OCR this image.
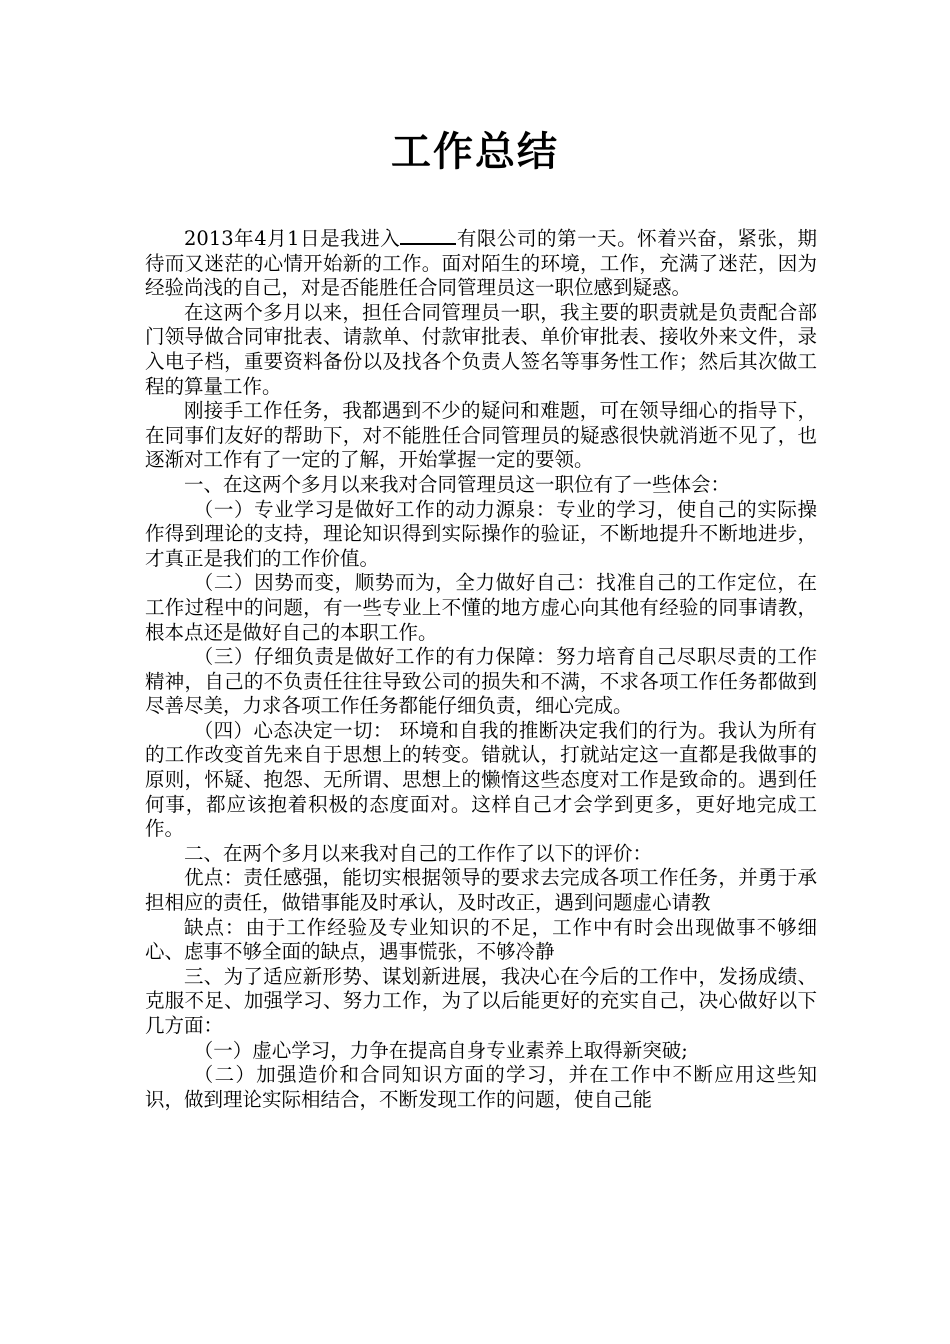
工作总结

2013年4月1日是我进入	有限公司的第一天。怀着兴奋，紧张，期待而又迷茫的心情开始新的工作。面对陌生的环境，工作，充满了迷茫，因为经验尚浅的自己，对是否能胜任合同管理员这一职位感到疑惑。

在这两个多月以来，担任合同管理员一职，我主要的职责就是负责配合部门领导做合同审批表、请款单、付款审批表、单价审批表、接收外来文件，录入电子档，重要资料备份以及找各个负责人签名等事务性工作；然后其次做工程的算量工作。

刚接手工作任务，我都遇到不少的疑问和难题，可在领导细心的指导下，在同事们友好的帮助下，对不能胜任合同管理员的疑惑很快就消逝不见了，也逐渐对工作有了一定的了解，开始掌握一定的要领。

一、在这两个多月以来我对合同管理员这一职位有了一些体会：

（一）专业学习是做好工作的动力源泉：专业的学习，使自己的实际操作得到理论的支持，理论知识得到实际操作的验证，不断地提升不断地进步，才真正是我们的工作价值。

（二）因势而变，顺势而为，全力做好自己：找准自己的工作定位，在工作过程中的问题，有一些专业上不懂的地方虚心向其他有经验的同事请教，根本点还是做好自己的本职工作。

（三）仔细负责是做好工作的有力保障：努力培育自己尽职尽责的工作精神，自己的不负责任往往导致公司的损失和不满，不求各项工作任务都做到尽善尽美，力求各项工作任务都能仔细负责，细心完成。

（四）心态决定一切： 环境和自我的推断决定我们的行为。我认为所有的工作改变首先来自于思想上的转变。错就认，打就站定这一直都是我做事的原则，怀疑、抱怨、无所谓、思想上的懒惰这些态度对工作是致命的。遇到任何事，都应该抱着积极的态度面对。这样自己才会学到更多，更好地完成工作。

二、在两个多月以来我对自己的工作作了以下的评价：

优点：责任感强，能切实根据领导的要求去完成各项工作任务，并勇于承担相应的责任，做错事能及时承认，及时改正，遇到问题虚心请教

缺点：由于工作经验及专业知识的不足，工作中有时会出现做事不够细心、虑事不够全面的缺点，遇事慌张，不够冷静

三、为了适应新形势、谋划新进展，我决心在今后的工作中，发扬成绩、克服不足、加强学习、努力工作，为了以后能更好的充实自己，决心做好以下几方面：

（一）虚心学习，力争在提高自身专业素养上取得新突破;

（二）加强造价和合同知识方面的学习，并在工作中不断应用这些知识，做到理论实际相结合，不断发现工作的问题，使自己能
